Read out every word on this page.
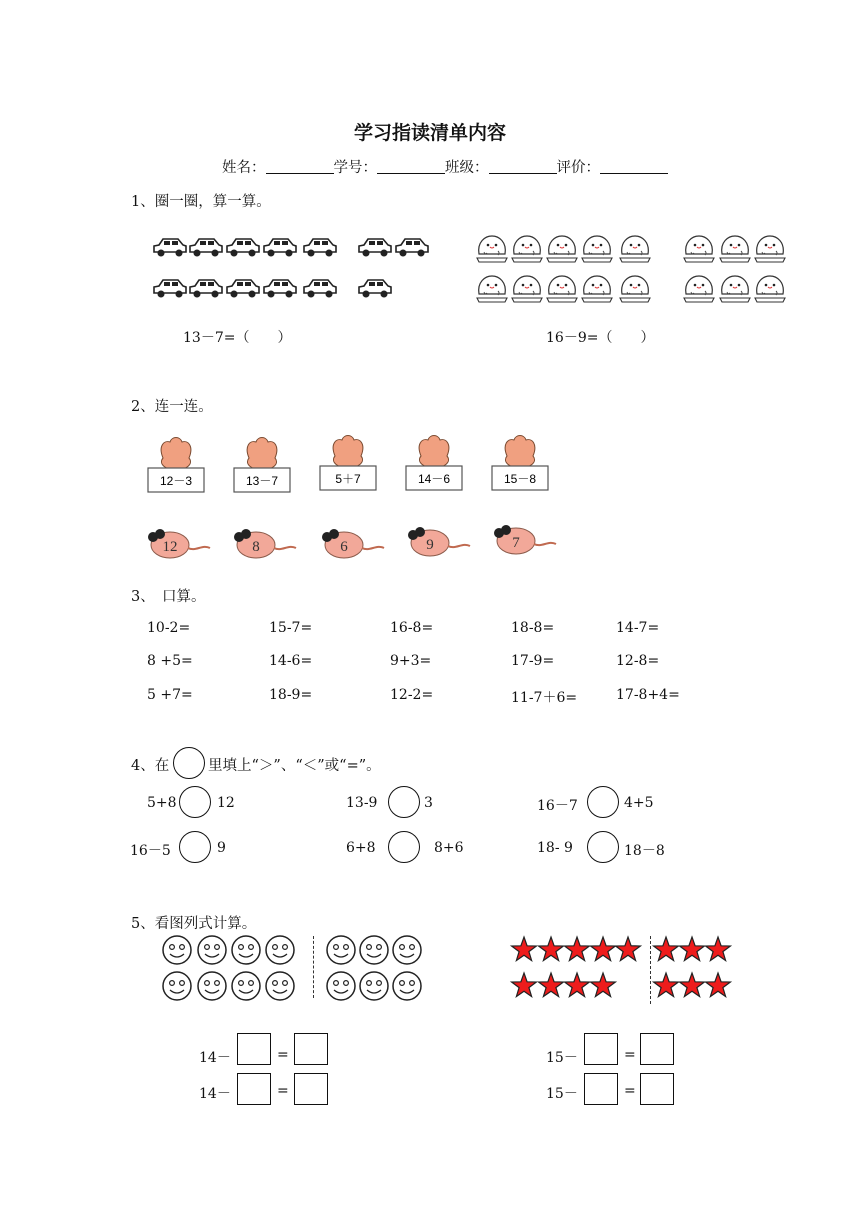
学习指读清单内容
姓名：	学号：	班级：	评价：
1、圈一圈，算一算。
13－7=（　　）	16－9=（　　）
2、连一连。
12－3	13－7	5＋7	14－6	15－8
12	8	6	9	7
3、　口算。
10-2=	15-7=	16-8=	18-8=	14-7=
8 +5=	14-6=	9+3=	17-9=	12-8=
5 +7=	18-9=	12-2=	11-7＋6=	17-8+4=
4、在	里填上“＞”、“＜”或“=”。
5+8	12	13-9	3	16－7	4+5
16－5	9	6+8	8+6	18- 9	18－8
5、看图列式计算。
14－	=
14－	=
15－	=
15－	=
